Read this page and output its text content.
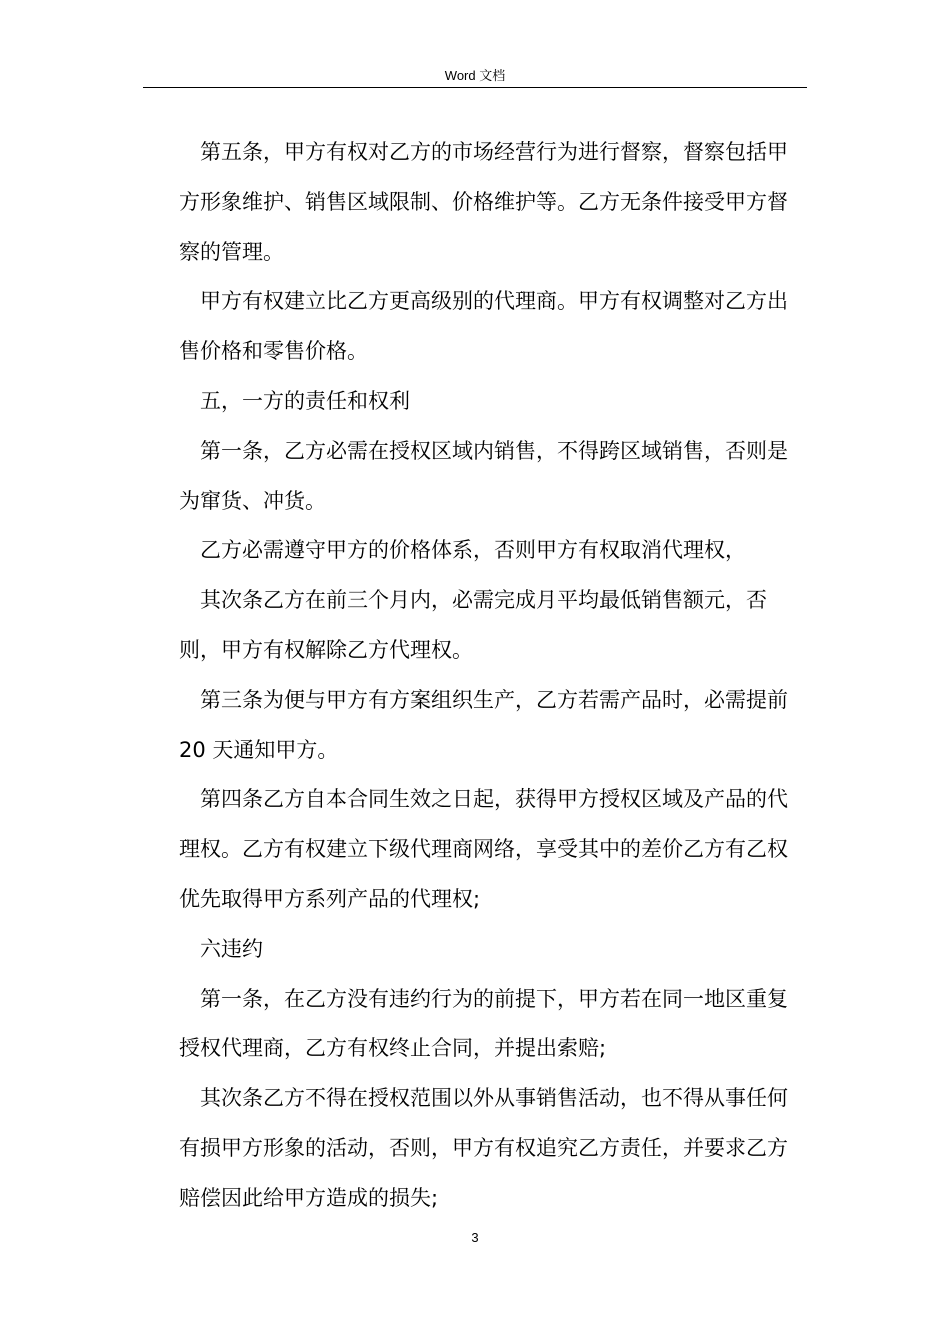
Word 文档

第五条，甲方有权对乙方的市场经营行为进行督察，督察包括甲方形象维护、销售区域限制、价格维护等。乙方无条件接受甲方督察的管理。

甲方有权建立比乙方更高级别的代理商。甲方有权调整对乙方出售价格和零售价格。

五，一方的责任和权利

第一条，乙方必需在授权区域内销售，不得跨区域销售，否则是为窜货、冲货。

乙方必需遵守甲方的价格体系，否则甲方有权取消代理权，

其次条乙方在前三个月内，必需完成月平均最低销售额元，否则，甲方有权解除乙方代理权。

第三条为便与甲方有方案组织生产，乙方若需产品时，必需提前 20 天通知甲方。

第四条乙方自本合同生效之日起，获得甲方授权区域及产品的代理权。乙方有权建立下级代理商网络，享受其中的差价乙方有乙权优先取得甲方系列产品的代理权;

六违约

第一条，在乙方没有违约行为的前提下，甲方若在同一地区重复授权代理商，乙方有权终止合同，并提出索赔;

其次条乙方不得在授权范围以外从事销售活动，也不得从事任何有损甲方形象的活动，否则，甲方有权追究乙方责任，并要求乙方赔偿因此给甲方造成的损失;

3
